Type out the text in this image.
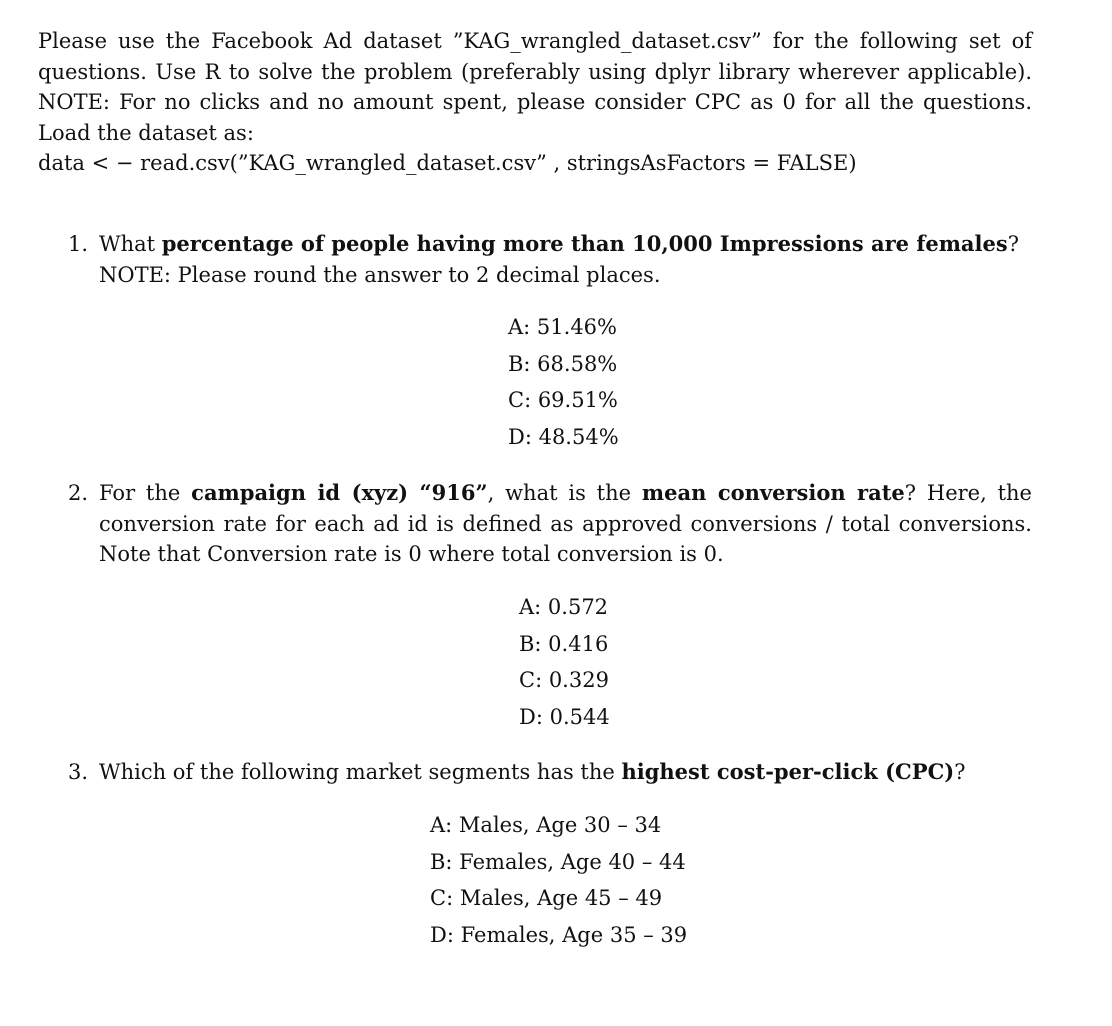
Please use the Facebook Ad dataset ”KAG_wrangled_dataset.csv” for the following set of
questions. Use R to solve the problem (preferably using dplyr library wherever applicable).
NOTE: For no clicks and no amount spent, please consider CPC as 0 for all the questions.
Load the dataset as:
data < − read.csv(”KAG_wrangled_dataset.csv” , stringsAsFactors = FALSE)
1. What percentage of people having more than 10,000 Impressions are females?
NOTE: Please round the answer to 2 decimal places.
A: 51.46%
B: 68.58%
C: 69.51%
D: 48.54%
2. For the campaign id (xyz) “916”, what is the mean conversion rate? Here, the
conversion rate for each ad id is defined as approved conversions / total conversions.
Note that Conversion rate is 0 where total conversion is 0.
A: 0.572
B: 0.416
C: 0.329
D: 0.544
3. Which of the following market segments has the highest cost-per-click (CPC)?
A: Males, Age 30 – 34
B: Females, Age 40 – 44
C: Males, Age 45 – 49
D: Females, Age 35 – 39
